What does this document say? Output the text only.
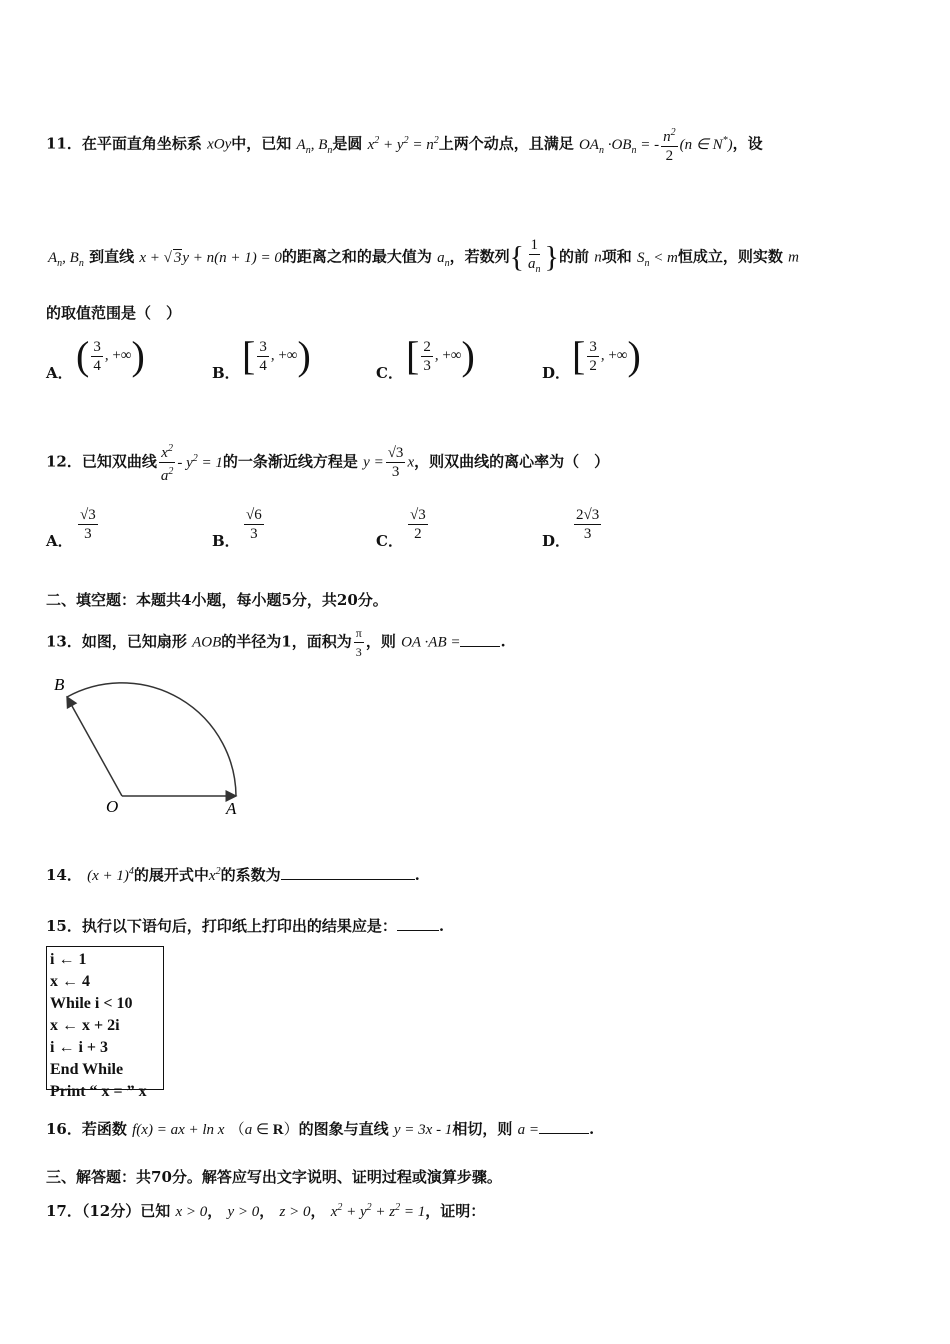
11．在平面直角坐标系 xOy中，已知 $A_n$, $B_n$是圆 $x^2 + y^2 = n^2$上两个动点，且满足 $OA_n \cdot OB_n$ = - $\frac{n^2}{2} (n$ ∈ N*)，设
$A_n$, $B_n$ 到直线 x + √ 3y + n(n + 1) = 0的距离之和的最大值为 $a_n$，若数列{ $\frac{1}{a_n}$ }的前 n项和 $S_n < m$恒成立，则实数 m
的取值范围是（　）
A． ( $\frac{3}{4}$ , +∞)	B． [ $\frac{3}{4}$ , +∞)	C． [ $\frac{2}{3}$ , +∞)	D． [ $\frac{3}{2}$ , +∞)
12．已知双曲线 $\frac{x^2}{a^2} - y^2 = 1$的一条渐近线方程是 $y = \frac{√3}{3}$ x，则双曲线的离心率为（　）
A． $\frac{√3}{3}$	B． $\frac{√6}{3}$	C． $\frac{√3}{2}$	D． $\frac{2√3}{3}$
二、填空题：本题共4小题，每小题5分，共20分。
13．如图，已知扇形 AOB的半径为1，面积为 $\frac{\pi}{3}$ ，则 OA ·AB =	.
B
O	A
14． $(x + 1)^4$的展开式中$x^2$的系数为	.
15．执行以下语句后，打印纸上打印出的结果应是：	.
i ← 1
x ← 4
While i < 10
x ← x + 2i
i ← i + 3
End While
Print “ x = ” x
16．若函数 f(x) = ax + ln x （a ∈ R）的图象与直线 y = 3x - 1相切，则 a =	.
三、解答题：共70分。解答应写出文字说明、证明过程或演算步骤。
17．（12分）已知 x > 0， y > 0， z > 0， $x^2 + y^2 + z^2 = 1$，证明：
